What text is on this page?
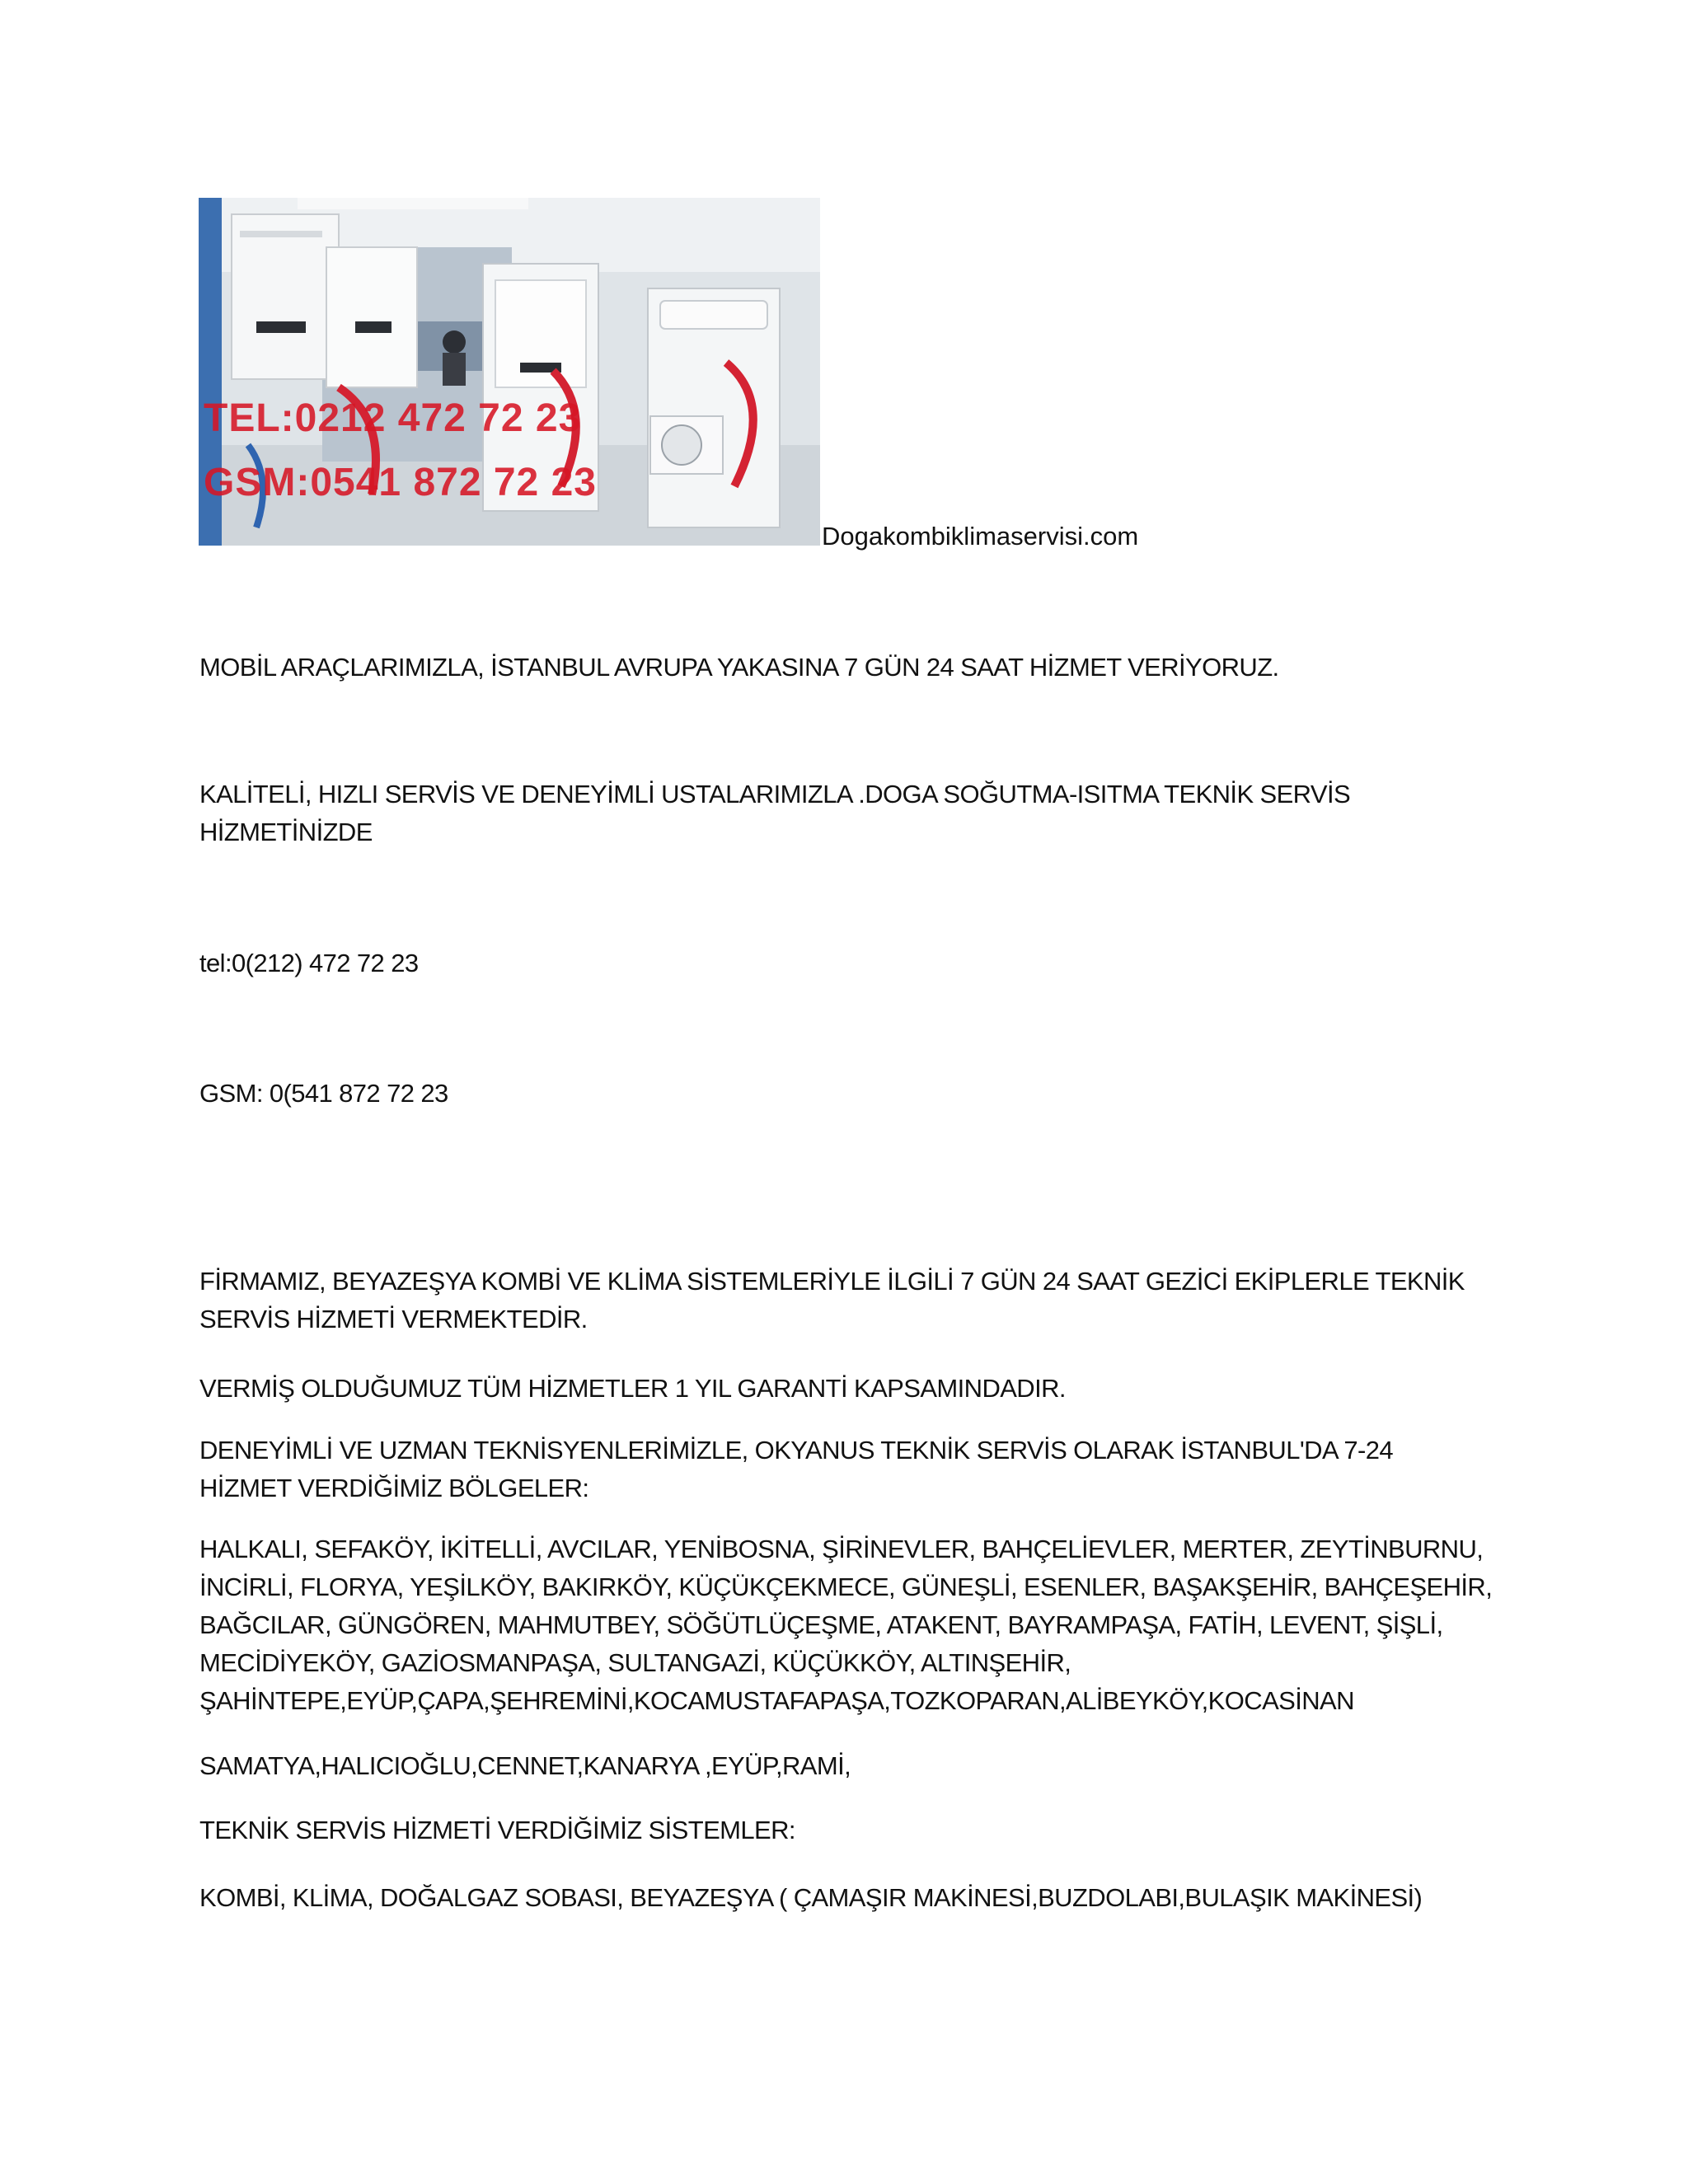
TEL:0212 472 72 23
GSM:0541 872 72 23
Dogakombiklimaservisi.com

MOBİL ARAÇLARIMIZLA, İSTANBUL AVRUPA YAKASINA 7 GÜN 24 SAAT HİZMET VERİYORUZ.

KALİTELİ, HIZLI SERVİS VE DENEYİMLİ USTALARIMIZLA .DOGA SOĞUTMA-ISITMA TEKNİK SERVİS
HİZMETİNİZDE

tel:0(212) 472 72 23

GSM: 0(541 872 72 23

FİRMAMIZ, BEYAZEŞYA KOMBİ VE KLİMA SİSTEMLERİYLE İLGİLİ 7 GÜN 24 SAAT GEZİCİ EKİPLERLE TEKNİK
SERVİS HİZMETİ VERMEKTEDİR.

VERMİŞ OLDUĞUMUZ TÜM HİZMETLER 1 YIL GARANTİ KAPSAMINDADIR.

DENEYİMLİ VE UZMAN TEKNİSYENLERİMİZLE, OKYANUS TEKNİK SERVİS OLARAK İSTANBUL'DA 7-24
HİZMET VERDİĞİMİZ BÖLGELER:

HALKALI, SEFAKÖY, İKİTELLİ, AVCILAR, YENİBOSNA, ŞİRİNEVLER, BAHÇELİEVLER, MERTER, ZEYTİNBURNU,
İNCİRLİ, FLORYA, YEŞİLKÖY, BAKIRKÖY, KÜÇÜKÇEKMECE, GÜNEŞLİ, ESENLER, BAŞAKŞEHİR, BAHÇEŞEHİR,
BAĞCILAR, GÜNGÖREN, MAHMUTBEY, SÖĞÜTLÜÇEŞME, ATAKENT, BAYRAMPAŞA, FATİH, LEVENT, ŞİŞLİ,
MECİDİYEKÖY, GAZİOSMANPAŞA, SULTANGAZİ, KÜÇÜKKÖY, ALTINŞEHİR,
ŞAHİNTEPE,EYÜP,ÇAPA,ŞEHREMİNİ,KOCAMUSTAFAPAŞA,TOZKOPARAN,ALİBEYKÖY,KOCASİNAN

SAMATYA,HALICIOĞLU,CENNET,KANARYA ,EYÜP,RAMİ,

TEKNİK SERVİS HİZMETİ VERDİĞİMİZ SİSTEMLER:

KOMBİ, KLİMA, DOĞALGAZ SOBASI, BEYAZEŞYA ( ÇAMAŞIR MAKİNESİ,BUZDOLABI,BULAŞIK MAKİNESİ)
